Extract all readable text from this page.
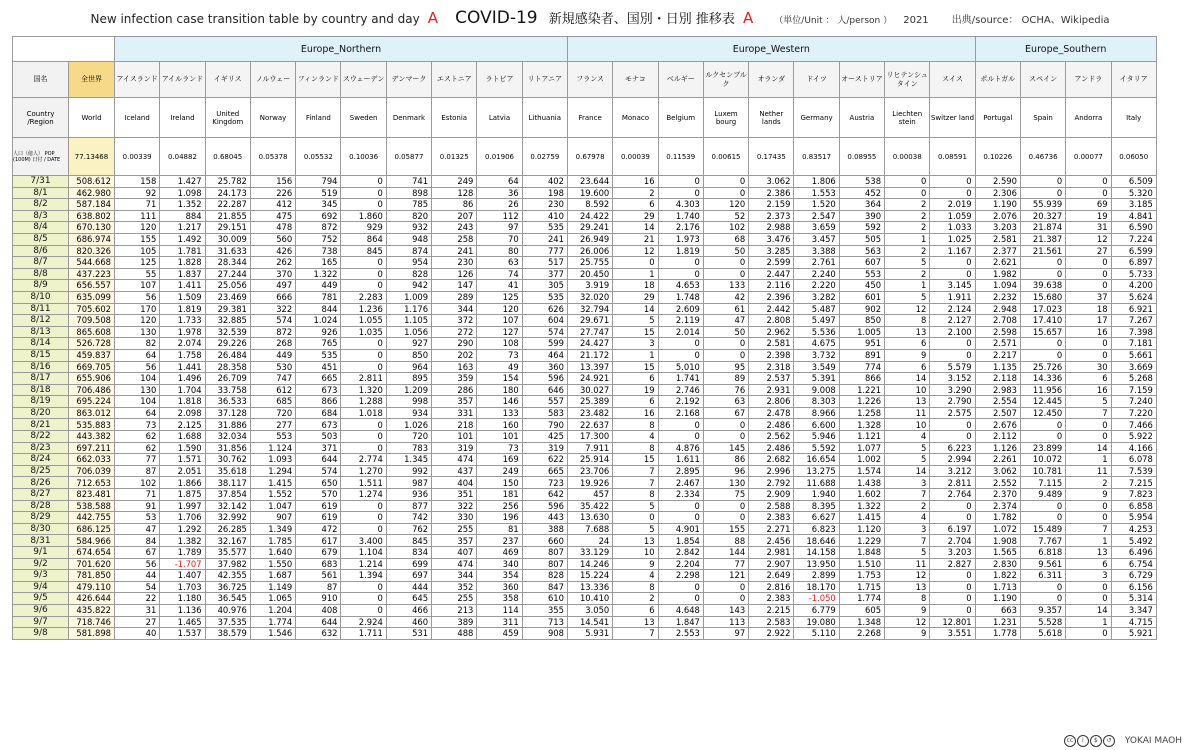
New infection case transition table by country and day A COVID-19 新規感染者、国別・日別 推移表 A （単位/Unit ： 人/person ） 2021 出典/source： OCHA、Wikipedia
		Europe_Northern										Europe_Western									Europe_Southern			
国名	全世界	アイスランド	アイルランド	イギリス	ノルウェー	フィンランド	スウェーデン	デンマーク	エストニア	ラトビア	リトアニア	フランス	モナコ	ベルギー	ルクセンブルク	オランダ	ドイツ	オーストリア	リヒテンシュタイン	スイス	ポルトガル	スペイン	アンドラ	イタリア
Country /Region	World	Iceland	Ireland	United Kingdom	Norway	Finland	Sweden	Denmark	Estonia	Latvia	Lithuania	France	Monaco	Belgium	Luxem bourg	Nether lands	Germany	Austria	Liechten stein	Switzer land	Portugal	Spain	Andorra	Italy
人口（億人） POP (100M) 日付 / DATE	77.13468	0.00339	0.04882	0.68045	0.05378	0.05532	0.10036	0.05877	0.01325	0.01906	0.02759	0.67978	0.00039	0.11539	0.00615	0.17435	0.83517	0.08955	0.00038	0.08591	0.10226	0.46736	0.00077	0.06050
7/31	508.612	158	1.427	25.782	156	794	0	741	249	64	402	23.644	16	0	0	3.062	1.806	538	0	0	2.590	0	0	6.509
8/1	462.980	92	1.098	24.173	226	519	0	898	128	36	198	19.600	2	0	0	2.386	1.553	452	0	0	2.306	0	0	5.320
8/2	587.184	71	1.352	22.287	412	345	0	785	86	26	230	8.592	6	4.303	120	2.159	1.520	364	2	2.019	1.190	55.939	69	3.185
8/3	638.802	111	884	21.855	475	692	1.860	820	207	112	410	24.422	29	1.740	52	2.373	2.547	390	2	1.059	2.076	20.327	19	4.841
8/4	670.130	120	1.217	29.151	478	872	929	932	243	97	535	29.241	14	2.176	102	2.988	3.659	592	2	1.033	3.203	21.874	31	6.590
8/5	686.974	155	1.492	30.009	560	752	864	948	258	70	241	26.949	21	1.973	68	3.476	3.457	505	1	1.025	2.581	21.387	12	7.224
8/6	820.326	105	1.781	31.633	426	738	845	874	241	80	777	26.006	12	1.819	50	3.285	3.388	563	2	1.167	2.377	21.561	27	6.599
8/7	544.668	125	1.828	28.344	262	165	0	954	230	63	517	25.755	0	0	0	2.599	2.761	607	5	0	2.621	0	0	6.897
8/8	437.223	55	1.837	27.244	370	1.322	0	828	126	74	377	20.450	1	0	0	2.447	2.240	553	2	0	1.982	0	0	5.733
8/9	656.557	107	1.411	25.056	497	449	0	942	147	41	305	3.919	18	4.653	133	2.116	2.220	450	1	3.145	1.094	39.638	0	4.200
8/10	635.099	56	1.509	23.469	666	781	2.283	1.009	289	125	535	32.020	29	1.748	42	2.396	3.282	601	5	1.911	2.232	15.680	37	5.624
8/11	705.602	170	1.819	29.381	322	844	1.236	1.176	344	120	626	32.794	14	2.609	61	2.442	5.487	902	12	2.124	2.948	17.023	18	6.921
8/12	709.508	120	1.733	32.885	574	1.024	1.055	1.105	372	107	604	29.671	5	2.119	47	2.808	5.497	850	8	2.127	2.708	17.410	17	7.267
8/13	865.608	130	1.978	32.539	872	926	1.035	1.056	272	127	574	27.747	15	2.014	50	2.962	5.536	1.005	13	2.100	2.598	15.657	16	7.398
8/14	526.728	82	2.074	29.226	268	765	0	927	290	108	599	24.427	3	0	0	2.581	4.675	951	6	0	2.571	0	0	7.181
8/15	459.837	64	1.758	26.484	449	535	0	850	202	73	464	21.172	1	0	0	2.398	3.732	891	9	0	2.217	0	0	5.661
8/16	669.705	56	1.441	28.358	530	451	0	964	163	49	360	13.397	15	5.010	95	2.318	3.549	774	6	5.579	1.135	25.726	30	3.669
8/17	655.906	104	1.496	26.709	747	665	2.811	895	359	154	596	24.921	6	1.741	89	2.537	5.391	866	14	3.152	2.118	14.336	6	5.268
8/18	706.486	130	1.704	33.758	612	673	1.320	1.209	286	180	646	30.027	19	2.746	76	2.931	9.008	1.221	10	3.290	2.983	11.956	16	7.159
8/19	695.224	104	1.818	36.533	685	866	1.288	998	357	146	557	25.389	6	2.192	63	2.806	8.303	1.226	13	2.790	2.554	12.445	5	7.240
8/20	863.012	64	2.098	37.128	720	684	1.018	934	331	133	583	23.482	16	2.168	67	2.478	8.966	1.258	11	2.575	2.507	12.450	7	7.220
8/21	535.883	73	2.125	31.886	277	673	0	1.026	218	160	790	22.637	8	0	0	2.486	6.600	1.328	10	0	2.676	0	0	7.466
8/22	443.382	62	1.688	32.034	553	503	0	720	101	101	425	17.300	4	0	0	2.562	5.946	1.121	4	0	2.112	0	0	5.922
8/23	697.211	62	1.590	31.856	1.124	371	0	783	319	73	319	7.911	8	4.876	145	2.486	5.592	1.077	5	6.223	1.126	23.899	14	4.166
8/24	662.033	77	1.571	30.762	1.093	644	2.774	1.345	474	169	622	25.914	15	1.611	86	2.682	16.654	1.002	5	2.994	2.261	10.072	1	6.078
8/25	706.039	87	2.051	35.618	1.294	574	1.270	992	437	249	665	23.706	7	2.895	96	2.996	13.275	1.574	14	3.212	3.062	10.781	11	7.539
8/26	712.653	102	1.866	38.117	1.415	650	1.511	987	404	150	723	19.926	7	2.467	130	2.792	11.688	1.438	3	2.811	2.552	7.115	2	7.215
8/27	823.481	71	1.875	37.854	1.552	570	1.274	936	351	181	642	457	8	2.334	75	2.909	1.940	1.602	7	2.764	2.370	9.489	9	7.823
8/28	538.588	91	1.997	32.142	1.047	619	0	877	322	256	596	35.422	5	0	0	2.588	8.395	1.322	2	0	2.374	0	0	6.858
8/29	442.755	53	1.706	32.992	907	619	0	742	330	196	443	13.630	0	0	0	2.383	6.627	1.415	4	0	1.782	0	0	5.954
8/30	686.125	47	1.292	26.285	1.349	472	0	762	255	81	388	7.688	5	4.901	155	2.271	6.823	1.120	3	6.197	1.072	15.489	7	4.253
8/31	584.966	84	1.382	32.167	1.785	617	3.400	845	357	237	660	24	13	1.854	88	2.456	18.646	1.229	7	2.704	1.908	7.767	1	5.492
9/1	674.654	67	1.789	35.577	1.640	679	1.104	834	407	469	807	33.129	10	2.842	144	2.981	14.158	1.848	5	3.203	1.565	6.818	13	6.496
9/2	701.620	56	-1.707	37.982	1.550	683	1.214	699	474	340	807	14.246	9	2.204	77	2.907	13.950	1.510	11	2.827	2.830	9.561	6	6.754
9/3	781.850	44	1.407	42.355	1.687	561	1.394	697	344	354	828	15.224	4	2.298	121	2.649	2.899	1.753	12	0	1.822	6.311	3	6.729
9/4	479.110	54	1.703	36.725	1.149	87	0	444	352	360	847	13.336	8	0	0	2.816	18.170	1.715	13	0	1.713	0	0	6.156
9/5	426.644	22	1.180	36.545	1.065	910	0	645	255	358	610	10.410	2	0	0	2.383	-1.050	1.774	8	0	1.190	0	0	5.314
9/6	435.822	31	1.136	40.976	1.204	408	0	466	213	114	355	3.050	6	4.648	143	2.215	6.779	605	9	0	663	9.357	14	3.347
9/7	718.746	27	1.465	37.535	1.774	644	2.924	460	389	311	713	14.541	13	1.847	113	2.583	19.080	1.348	12	12.801	1.231	5.528	1	4.715
9/8	581.898	40	1.537	38.579	1.546	632	1.711	531	488	459	908	5.931	7	2.553	97	2.922	5.110	2.268	9	3.551	1.778	5.618	0	5.921
cc	i	$	↺	YOKAI MAOH
